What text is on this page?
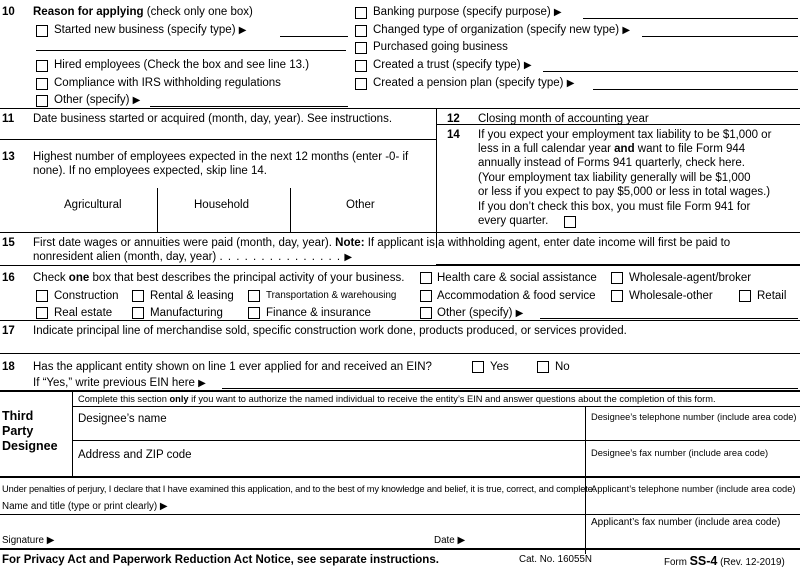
10 Reason for applying (check only one box)
Started new business (specify type) ▶
Hired employees (Check the box and see line 13.)
Compliance with IRS withholding regulations
Other (specify) ▶
Banking purpose (specify purpose) ▶
Changed type of organization (specify new type) ▶
Purchased going business
Created a trust (specify type) ▶
Created a pension plan (specify type) ▶
11 Date business started or acquired (month, day, year). See instructions.	12 Closing month of accounting year
13 Highest number of employees expected in the next 12 months (enter -0- if
none). If no employees expected, skip line 14.
Agricultural	Household	Other
14 If you expect your employment tax liability to be $1,000 or
less in a full calendar year and want to file Form 944
annually instead of Forms 941 quarterly, check here.
(Your employment tax liability generally will be $1,000
or less if you expect to pay $5,000 or less in total wages.)
If you don’t check this box, you must file Form 941 for
every quarter.
15 First date wages or annuities were paid (month, day, year). Note: If applicant is a withholding agent, enter date income will first be paid to
nonresident alien (month, day, year) . . . . . . . . . . . . . . . ▶
16 Check one box that best describes the principal activity of your business.	Health care & social assistance	Wholesale-agent/broker
Construction	Rental & leasing	Transportation & warehousing	Accommodation & food service	Wholesale-other	Retail
Real estate	Manufacturing	Finance & insurance	Other (specify) ▶
17 Indicate principal line of merchandise sold, specific construction work done, products produced, or services provided.
18 Has the applicant entity shown on line 1 ever applied for and received an EIN?	Yes	No
If “Yes,” write previous EIN here ▶
Third
Party
Designee
Complete this section only if you want to authorize the named individual to receive the entity’s EIN and answer questions about the completion of this form.
Designee’s name	Designee’s telephone number (include area code)
Address and ZIP code	Designee’s fax number (include area code)
Under penalties of perjury, I declare that I have examined this application, and to the best of my knowledge and belief, it is true, correct, and complete.
Applicant’s telephone number (include area code)
Name and title (type or print clearly) ▶
Applicant’s fax number (include area code)
Signature ▶	Date ▶
For Privacy Act and Paperwork Reduction Act Notice, see separate instructions.	Cat. No. 16055N	Form SS-4 (Rev. 12-2019)
